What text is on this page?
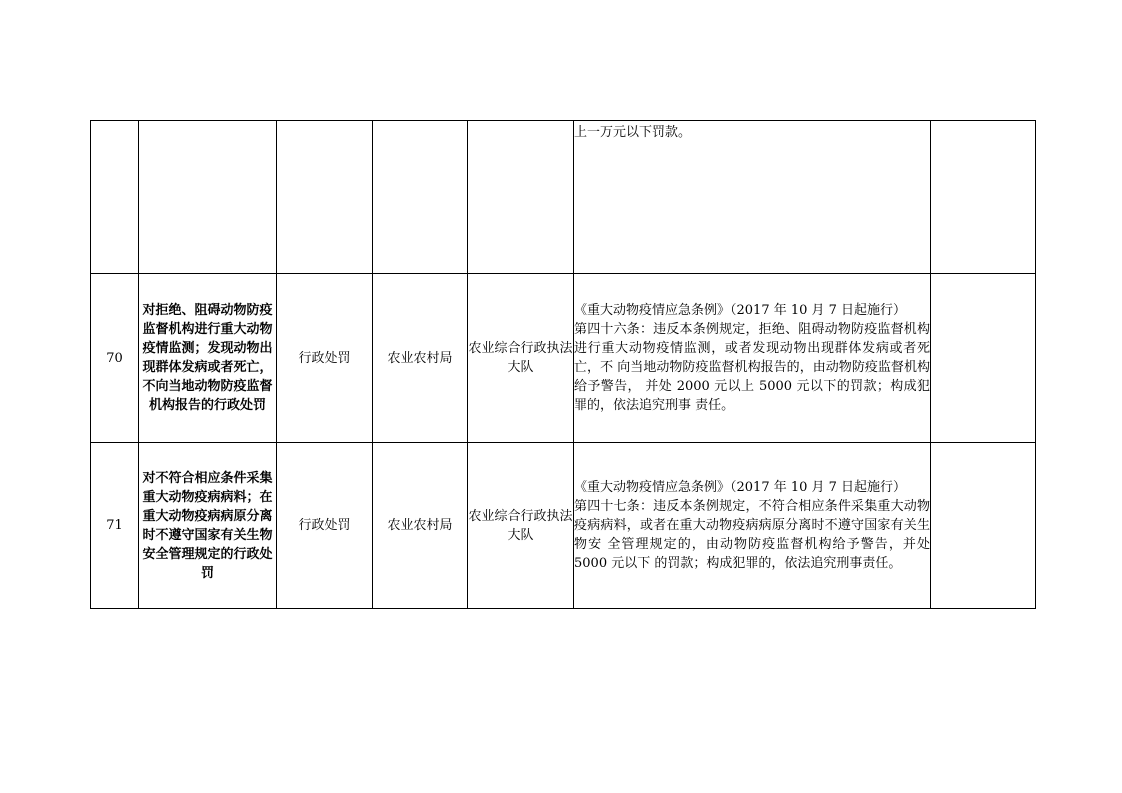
					上一万元以下罚款。	

70	对拒绝、阻碍动物防疫监督机构进行重大动物疫情监测；发现动物出现群体发病或者死亡，不向当地动物防疫监督机构报告的行政处罚	行政处罚	农业农村局	农业综合行政执法大队	《重大动物疫情应急条例》（2017 年 10 月 7 日起施行）
第四十六条：违反本条例规定，拒绝、阻碍动物防疫监督机构 进行重大动物疫情监测，或者发现动物出现群体发病或者死亡，不 向当地动物防疫监督机构报告的，由动物防疫监督机构给予警告， 并处 2000 元以上 5000 元以下的罚款；构成犯罪的，依法追究刑事 责任。	

71	对不符合相应条件采集重大动物疫病病料；在重大动物疫病病原分离时不遵守国家有关生物安全管理规定的行政处罚	行政处罚	农业农村局	农业综合行政执法大队	《重大动物疫情应急条例》（2017 年 10 月 7 日起施行）
第四十七条：违反本条例规定，不符合相应条件采集重大动物 疫病病料，或者在重大动物疫病病原分离时不遵守国家有关生物安 全管理规定的，由动物防疫监督机构给予警告，并处 5000 元以下 的罚款；构成犯罪的，依法追究刑事责任。	
